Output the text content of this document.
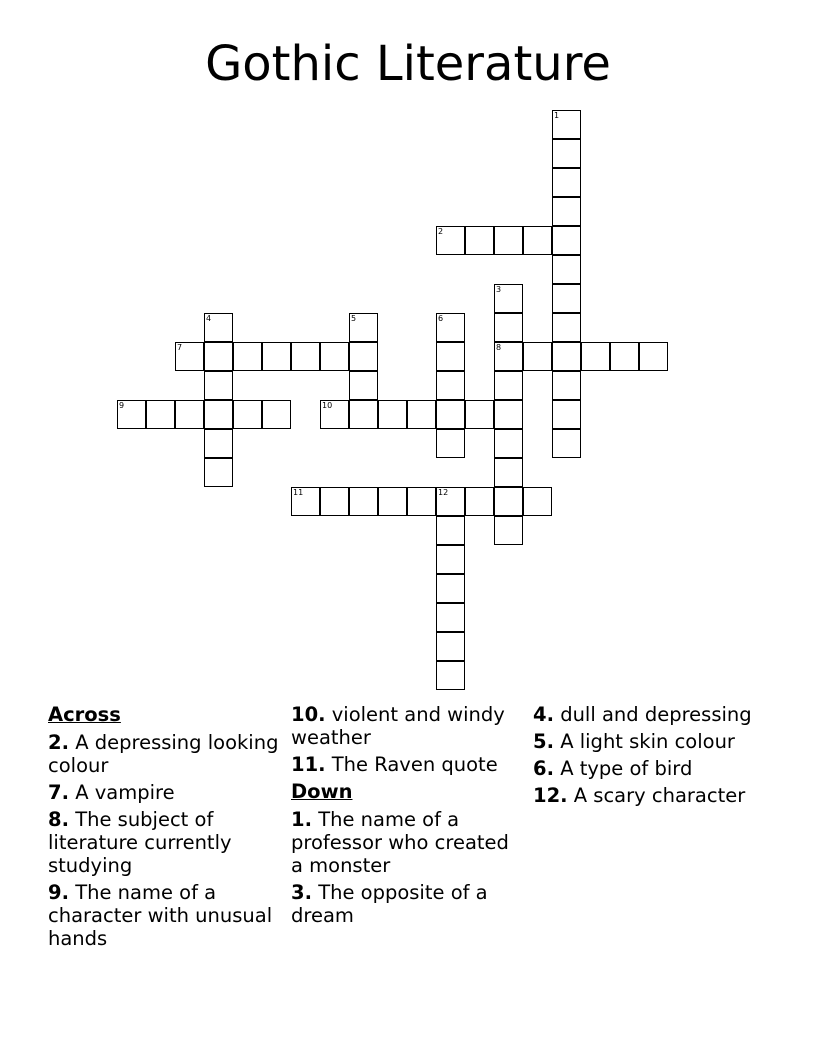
Gothic Literature
1
2
3
8
4	5	6
7
9	10
11	12
Across
2. A depressing looking colour
7. A vampire
8. The subject of literature currently studying
9. The name of a character with unusual hands
10. violent and windy weather
11. The Raven quote
Down
1. The name of a professor who created a monster
3. The opposite of a dream
4. dull and depressing
5. A light skin colour
6. A type of bird
12. A scary character
